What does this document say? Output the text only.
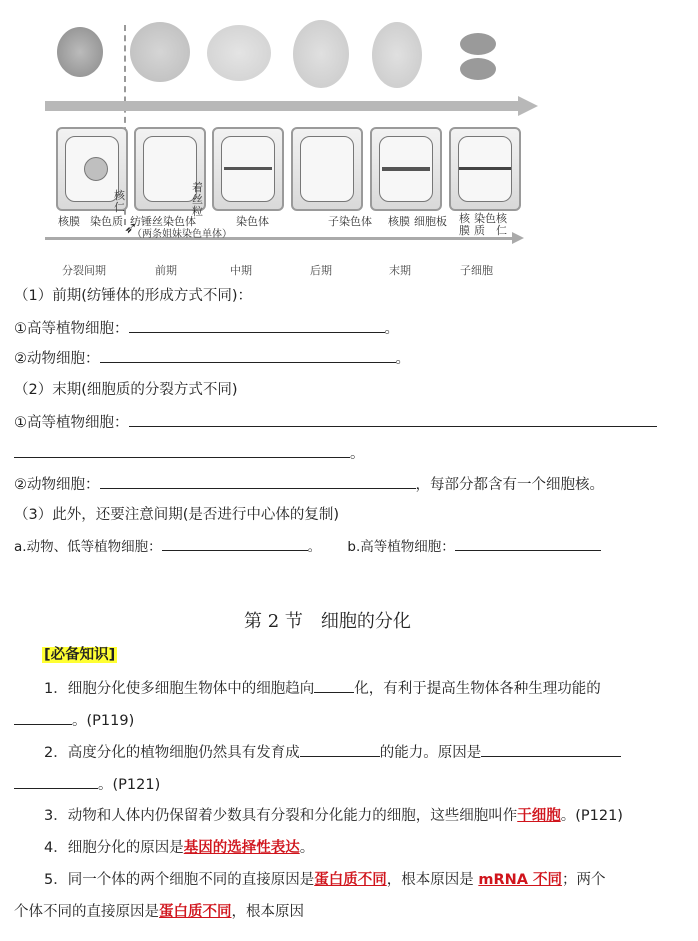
核膜 染色质
核仁
纺锤丝 染色体
（两条姐妹染色单体）
着丝粒
染色体	子染色体 核膜 细胞板 核膜
染色质
核仁
分裂间期	前期	中期	后期	末期	子细胞
➶
（1）前期(纺锤体的形成方式不同)：
①高等植物细胞：	。
②动物细胞：	。
（2）末期(细胞质的分裂方式不同)
①高等植物细胞：
。
②动物细胞：	，每部分都含有一个细胞核。
（3）此外，还要注意间期(是否进行中心体的复制)
a.动物、低等植物细胞：	。 b.高等植物细胞：
第 2 节　细胞的分化
[必备知识]
1．细胞分化使多细胞生物体中的细胞趋向	化，有利于提高生物体各种生理功能的
。(P119)
2．高度分化的植物细胞仍然具有发育成	的能力。原因是
。(P121)
3．动物和人体内仍保留着少数具有分裂和分化能力的细胞，这些细胞叫作干细胞。(P121)
4．细胞分化的原因是基因的选择性表达。
5．同一个体的两个细胞不同的直接原因是蛋白质不同，根本原因是 mRNA 不同；两个
个体不同的直接原因是蛋白质不同，根本原因
